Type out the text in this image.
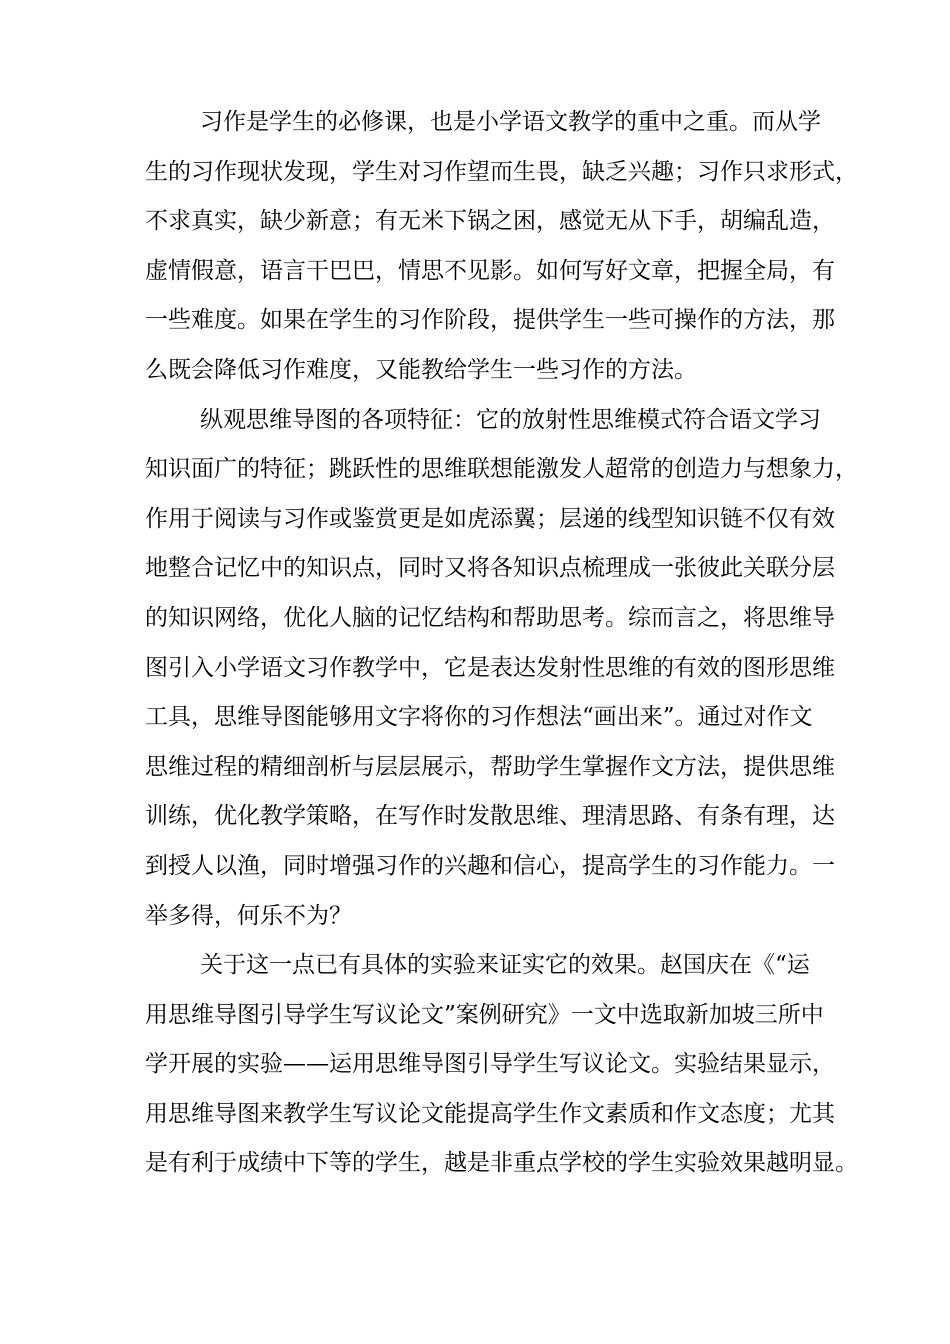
习作是学生的必修课，也是小学语文教学的重中之重。而从学
生的习作现状发现，学生对习作望而生畏，缺乏兴趣；习作只求形式，
不求真实，缺少新意；有无米下锅之困，感觉无从下手，胡编乱造，
虚情假意，语言干巴巴，情思不见影。如何写好文章，把握全局，有
一些难度。如果在学生的习作阶段，提供学生一些可操作的方法，那
么既会降低习作难度，又能教给学生一些习作的方法。
纵观思维导图的各项特征：它的放射性思维模式符合语文学习
知识面广的特征；跳跃性的思维联想能激发人超常的创造力与想象力，
作用于阅读与习作或鉴赏更是如虎添翼；层递的线型知识链不仅有效
地整合记忆中的知识点，同时又将各知识点梳理成一张彼此关联分层
的知识网络，优化人脑的记忆结构和帮助思考。综而言之，将思维导
图引入小学语文习作教学中，它是表达发射性思维的有效的图形思维
工具，思维导图能够用文字将你的习作想法“画出来”。通过对作文
思维过程的精细剖析与层层展示，帮助学生掌握作文方法，提供思维
训练，优化教学策略，在写作时发散思维、理清思路、有条有理，达
到授人以渔，同时增强习作的兴趣和信心，提高学生的习作能力。一
举多得，何乐不为？
关于这一点已有具体的实验来证实它的效果。赵国庆在《“运
用思维导图引导学生写议论文”案例研究》一文中选取新加坡三所中
学开展的实验——运用思维导图引导学生写议论文。实验结果显示，
用思维导图来教学生写议论文能提高学生作文素质和作文态度；尤其
是有利于成绩中下等的学生，越是非重点学校的学生实验效果越明显。
